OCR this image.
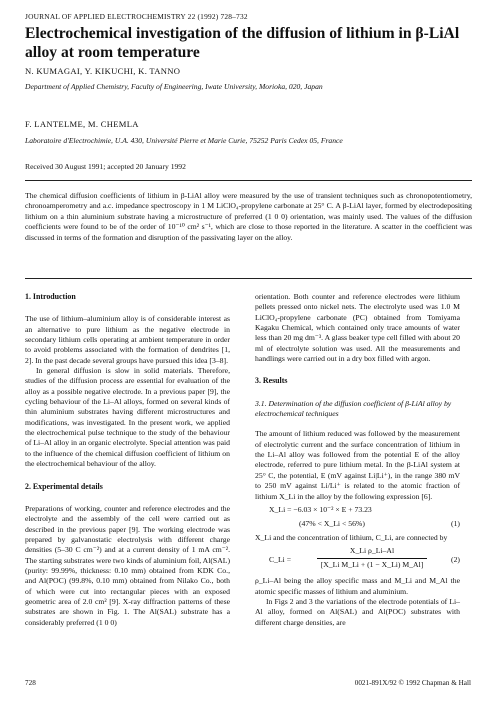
JOURNAL OF APPLIED ELECTROCHEMISTRY 22 (1992) 728–732
Electrochemical investigation of the diffusion of lithium in β-LiAl alloy at room temperature
N. KUMAGAI, Y. KIKUCHI, K. TANNO
Department of Applied Chemistry, Faculty of Engineering, Iwate University, Morioka, 020, Japan
F. LANTELME, M. CHEMLA
Laboratoire d'Electrochimie, U.A. 430, Université Pierre et Marie Curie, 75252 Paris Cedex 05, France
Received 30 August 1991; accepted 20 January 1992

The chemical diffusion coefficients of lithium in β-LiAl alloy were measured by the use of transient techniques such as chronopotentiometry, chronoamperometry and a.c. impedance spectroscopy in 1 M LiClO₄-propylene carbonate at 25° C. A β-LiAl layer, formed by electrodepositing lithium on a thin aluminium substrate having a microstructure of preferred (1 0 0) orientation, was mainly used. The values of the diffusion coefficients were found to be of the order of 10⁻¹⁰ cm² s⁻¹, which are close to those reported in the literature. A scatter in the coefficient was discussed in terms of the formation and disruption of the passivating layer on the alloy.

1. Introduction

The use of lithium–aluminium alloy is of considerable interest as an alternative to pure lithium as the negative electrode in secondary lithium cells operating at ambient temperature in order to avoid problems associated with the formation of dendrites [1, 2]. In the past decade several groups have pursued this idea [3–8].

In general diffusion is slow in solid materials. Therefore, studies of the diffusion process are essential for evaluation of the alloy as a possible negative electrode. In a previous paper [9], the cycling behaviour of the Li–Al alloys, formed on several kinds of thin aluminium substrates having different microstructures and modifications, was investigated. In the present work, we applied the electrochemical pulse technique to the study of the behaviour of Li–Al alloy in an organic electrolyte. Special attention was paid to the influence of the chemical diffusion coefficient of lithium on the electrochemical behaviour of the alloy.

2. Experimental details

Preparations of working, counter and reference electrodes and the electrolyte and the assembly of the cell were carried out as described in the previous paper [9]. The working electrode was prepared by galvanostatic electrolysis with different charge densities (5–30 C cm⁻²) and at a current density of 1 mA cm⁻². The starting substrates were two kinds of aluminium foil, Al(SAL) (purity: 99.99%, thickness: 0.10 mm) obtained from KDK Co., and Al(POC) (99.8%, 0.10 mm) obtained from Nilako Co., both of which were cut into rectangular pieces with an exposed geometric area of 2.0 cm² [9]. X-ray diffraction patterns of these substrates are shown in Fig. 1. The Al(SAL) substrate has a considerably preferred (1 0 0)

orientation. Both counter and reference electrodes were lithium pellets pressed onto nickel nets. The electrolyte used was 1.0 M LiClO₄-propylene carbonate (PC) obtained from Tomiyama Kagaku Chemical, which contained only trace amounts of water less than 20 mg dm⁻³. A glass beaker type cell filled with about 20 ml of electrolyte solution was used. All the measurements and handlings were carried out in a dry box filled with argon.

3. Results
3.1. Determination of the diffusion coefficient of β-LiAl alloy by electrochemical techniques

The amount of lithium reduced was followed by the measurement of electrolytic current and the surface concentration of lithium in the Li–Al alloy was followed from the potential E of the alloy electrode, referred to pure lithium metal. In the β-LiAl system at 25° C, the potential, E (mV against Li|Li⁺), in the range 380 mV to 250 mV against Li/Li⁺ is related to the atomic fraction of lithium X_Li in the alloy by the following expression [6].

X_Li = −6.03 × 10⁻² × E + 73.23
(47% < X_Li < 56%)	(1)

X_Li and the concentration of lithium, C_Li, are connected by

C_Li =	$\frac{\text{X\_Li ρ\_Li–Al}}{\text{[X\_Li M\_Li + (1 − X\_Li) M\_Al]}}$	(2)

ρ_Li–Al being the alloy specific mass and M_Li and M_Al the atomic specific masses of lithium and aluminium.

In Figs 2 and 3 the variations of the electrode potentials of Li–Al alloy, formed on Al(SAL) and Al(POC) substrates with different charge densities, are

728	0021-891X/92 © 1992 Chapman & Hall
